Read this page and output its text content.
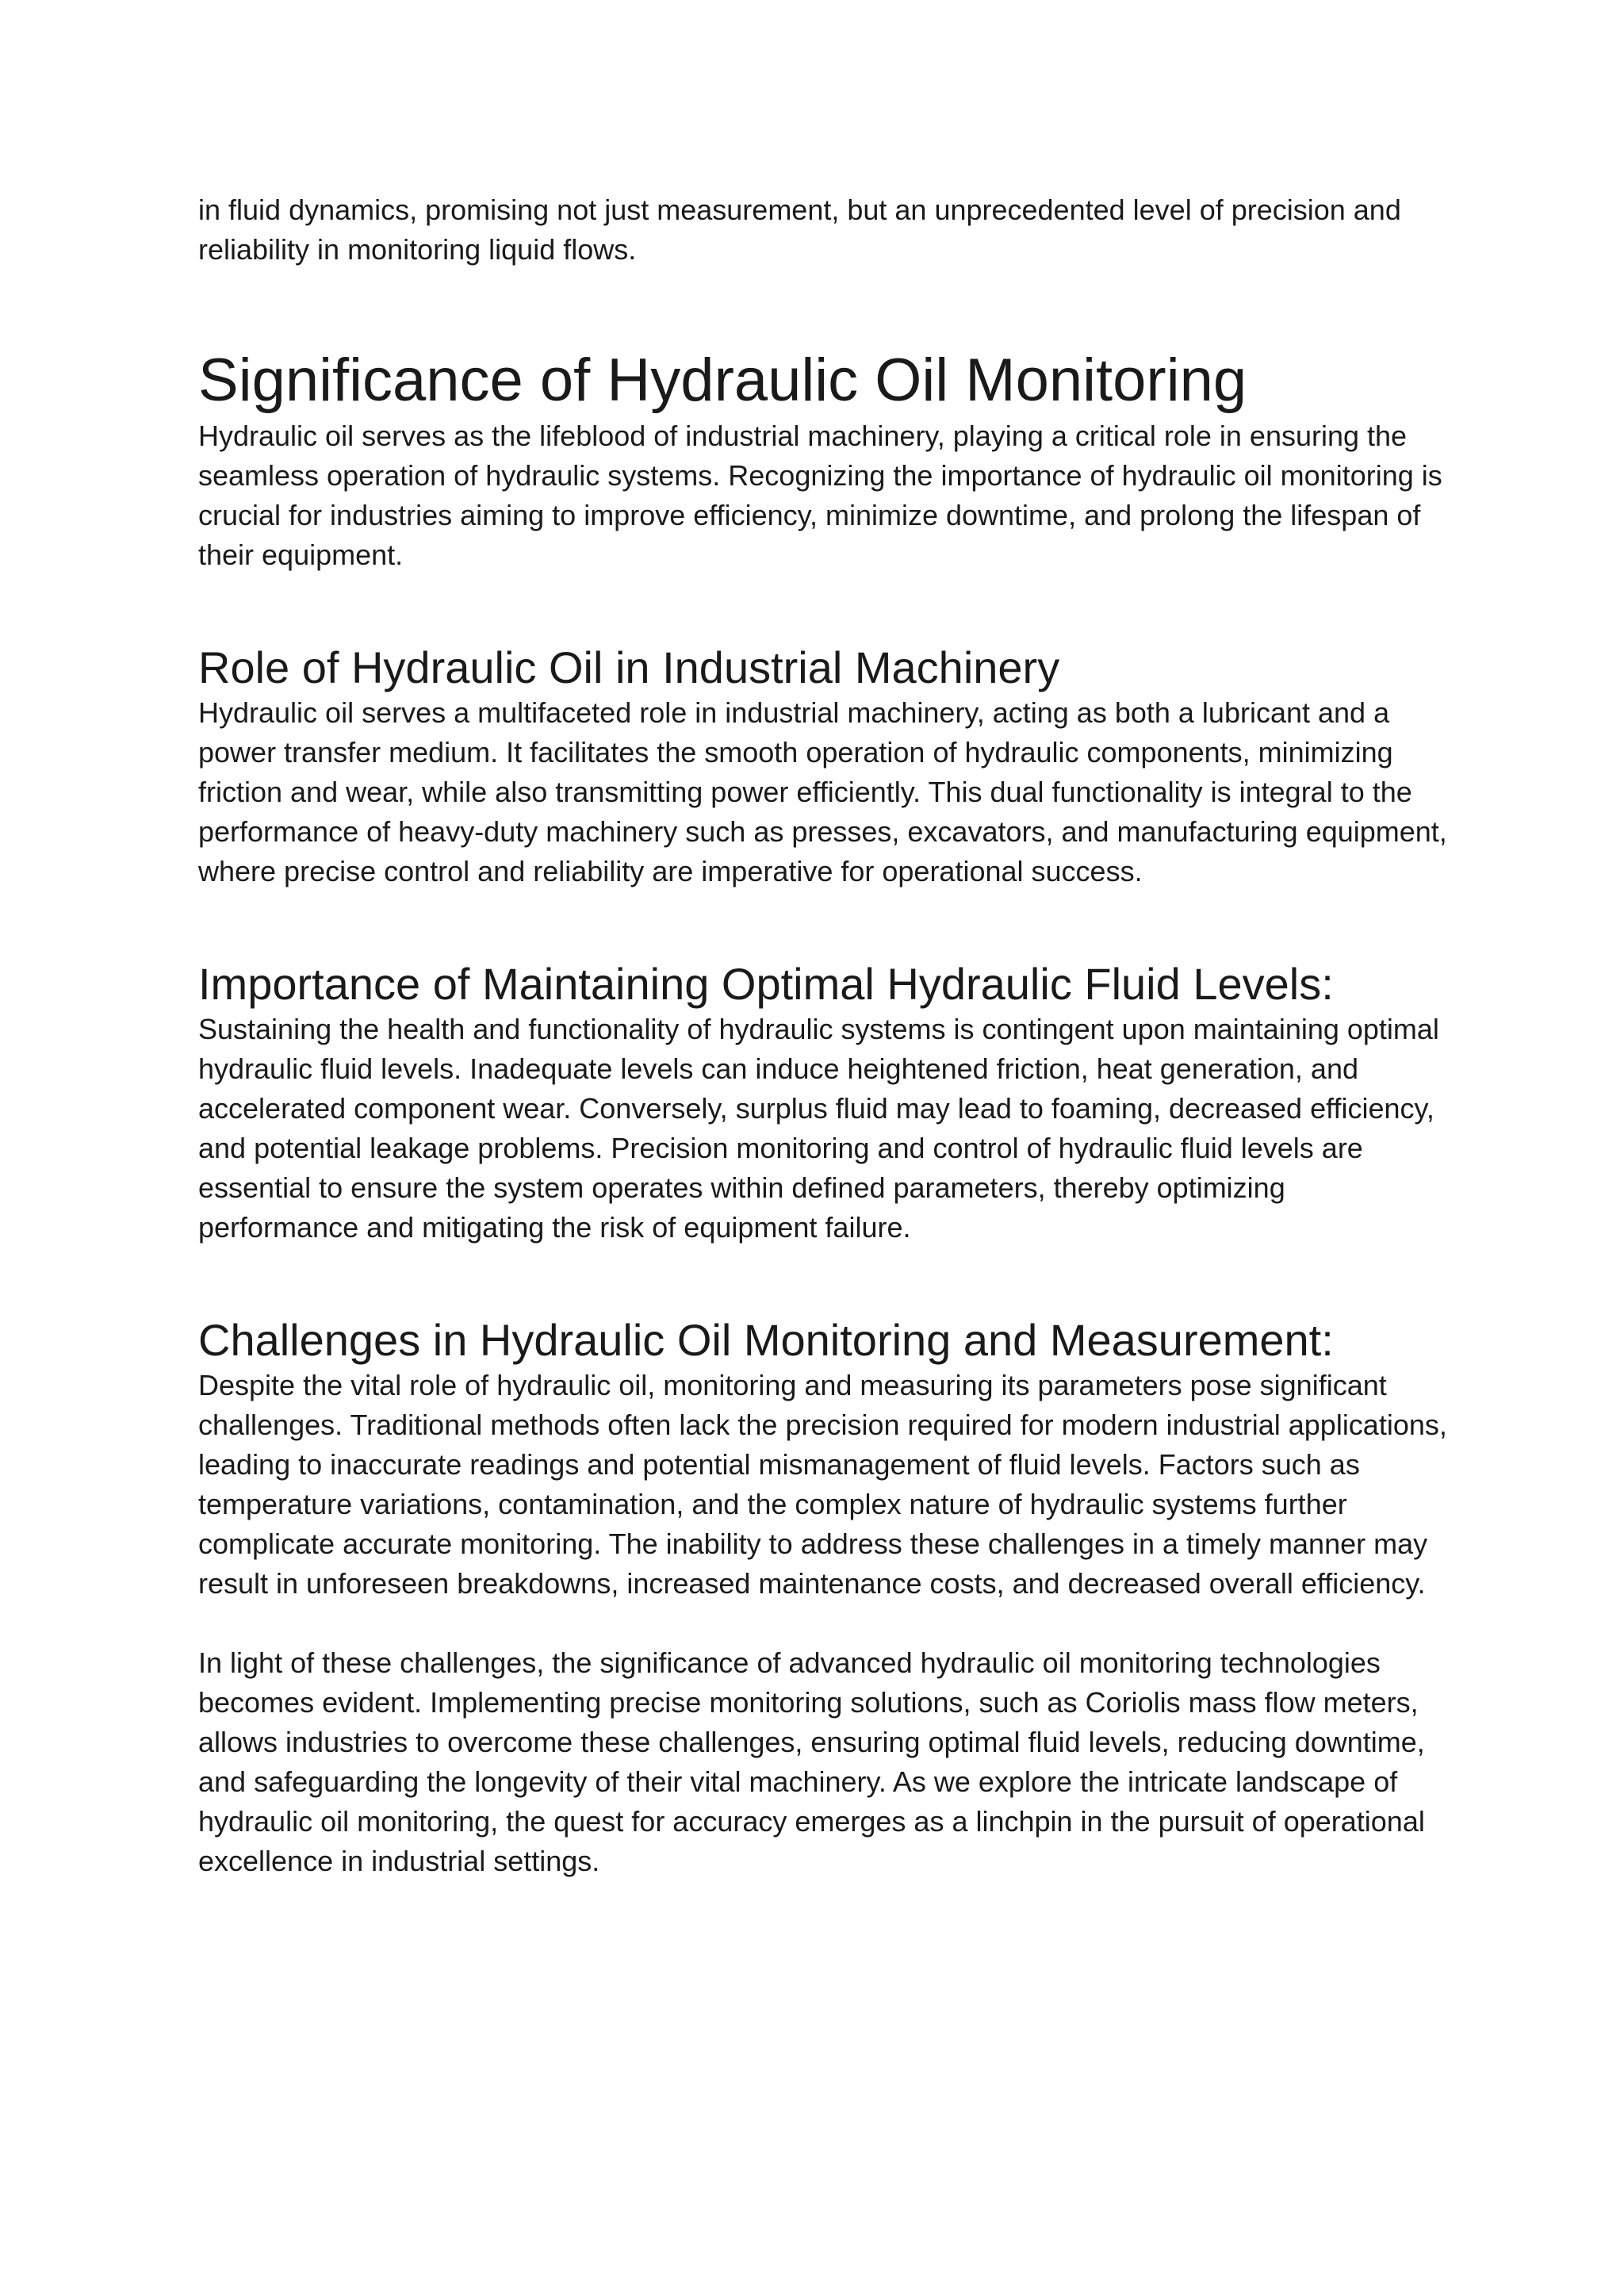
in fluid dynamics, promising not just measurement, but an unprecedented level of precision and reliability in monitoring liquid flows.

Significance of Hydraulic Oil Monitoring

Hydraulic oil serves as the lifeblood of industrial machinery, playing a critical role in ensuring the seamless operation of hydraulic systems. Recognizing the importance of hydraulic oil monitoring is crucial for industries aiming to improve efficiency, minimize downtime, and prolong the lifespan of their equipment.

Role of Hydraulic Oil in Industrial Machinery

Hydraulic oil serves a multifaceted role in industrial machinery, acting as both a lubricant and a power transfer medium. It facilitates the smooth operation of hydraulic components, minimizing friction and wear, while also transmitting power efficiently. This dual functionality is integral to the performance of heavy-duty machinery such as presses, excavators, and manufacturing equipment, where precise control and reliability are imperative for operational success.

Importance of Maintaining Optimal Hydraulic Fluid Levels:

Sustaining the health and functionality of hydraulic systems is contingent upon maintaining optimal hydraulic fluid levels. Inadequate levels can induce heightened friction, heat generation, and accelerated component wear. Conversely, surplus fluid may lead to foaming, decreased efficiency, and potential leakage problems. Precision monitoring and control of hydraulic fluid levels are essential to ensure the system operates within defined parameters, thereby optimizing performance and mitigating the risk of equipment failure.

Challenges in Hydraulic Oil Monitoring and Measurement:

Despite the vital role of hydraulic oil, monitoring and measuring its parameters pose significant challenges. Traditional methods often lack the precision required for modern industrial applications, leading to inaccurate readings and potential mismanagement of fluid levels. Factors such as temperature variations, contamination, and the complex nature of hydraulic systems further complicate accurate monitoring. The inability to address these challenges in a timely manner may result in unforeseen breakdowns, increased maintenance costs, and decreased overall efficiency.

In light of these challenges, the significance of advanced hydraulic oil monitoring technologies becomes evident. Implementing precise monitoring solutions, such as Coriolis mass flow meters, allows industries to overcome these challenges, ensuring optimal fluid levels, reducing downtime, and safeguarding the longevity of their vital machinery. As we explore the intricate landscape of hydraulic oil monitoring, the quest for accuracy emerges as a linchpin in the pursuit of operational excellence in industrial settings.
